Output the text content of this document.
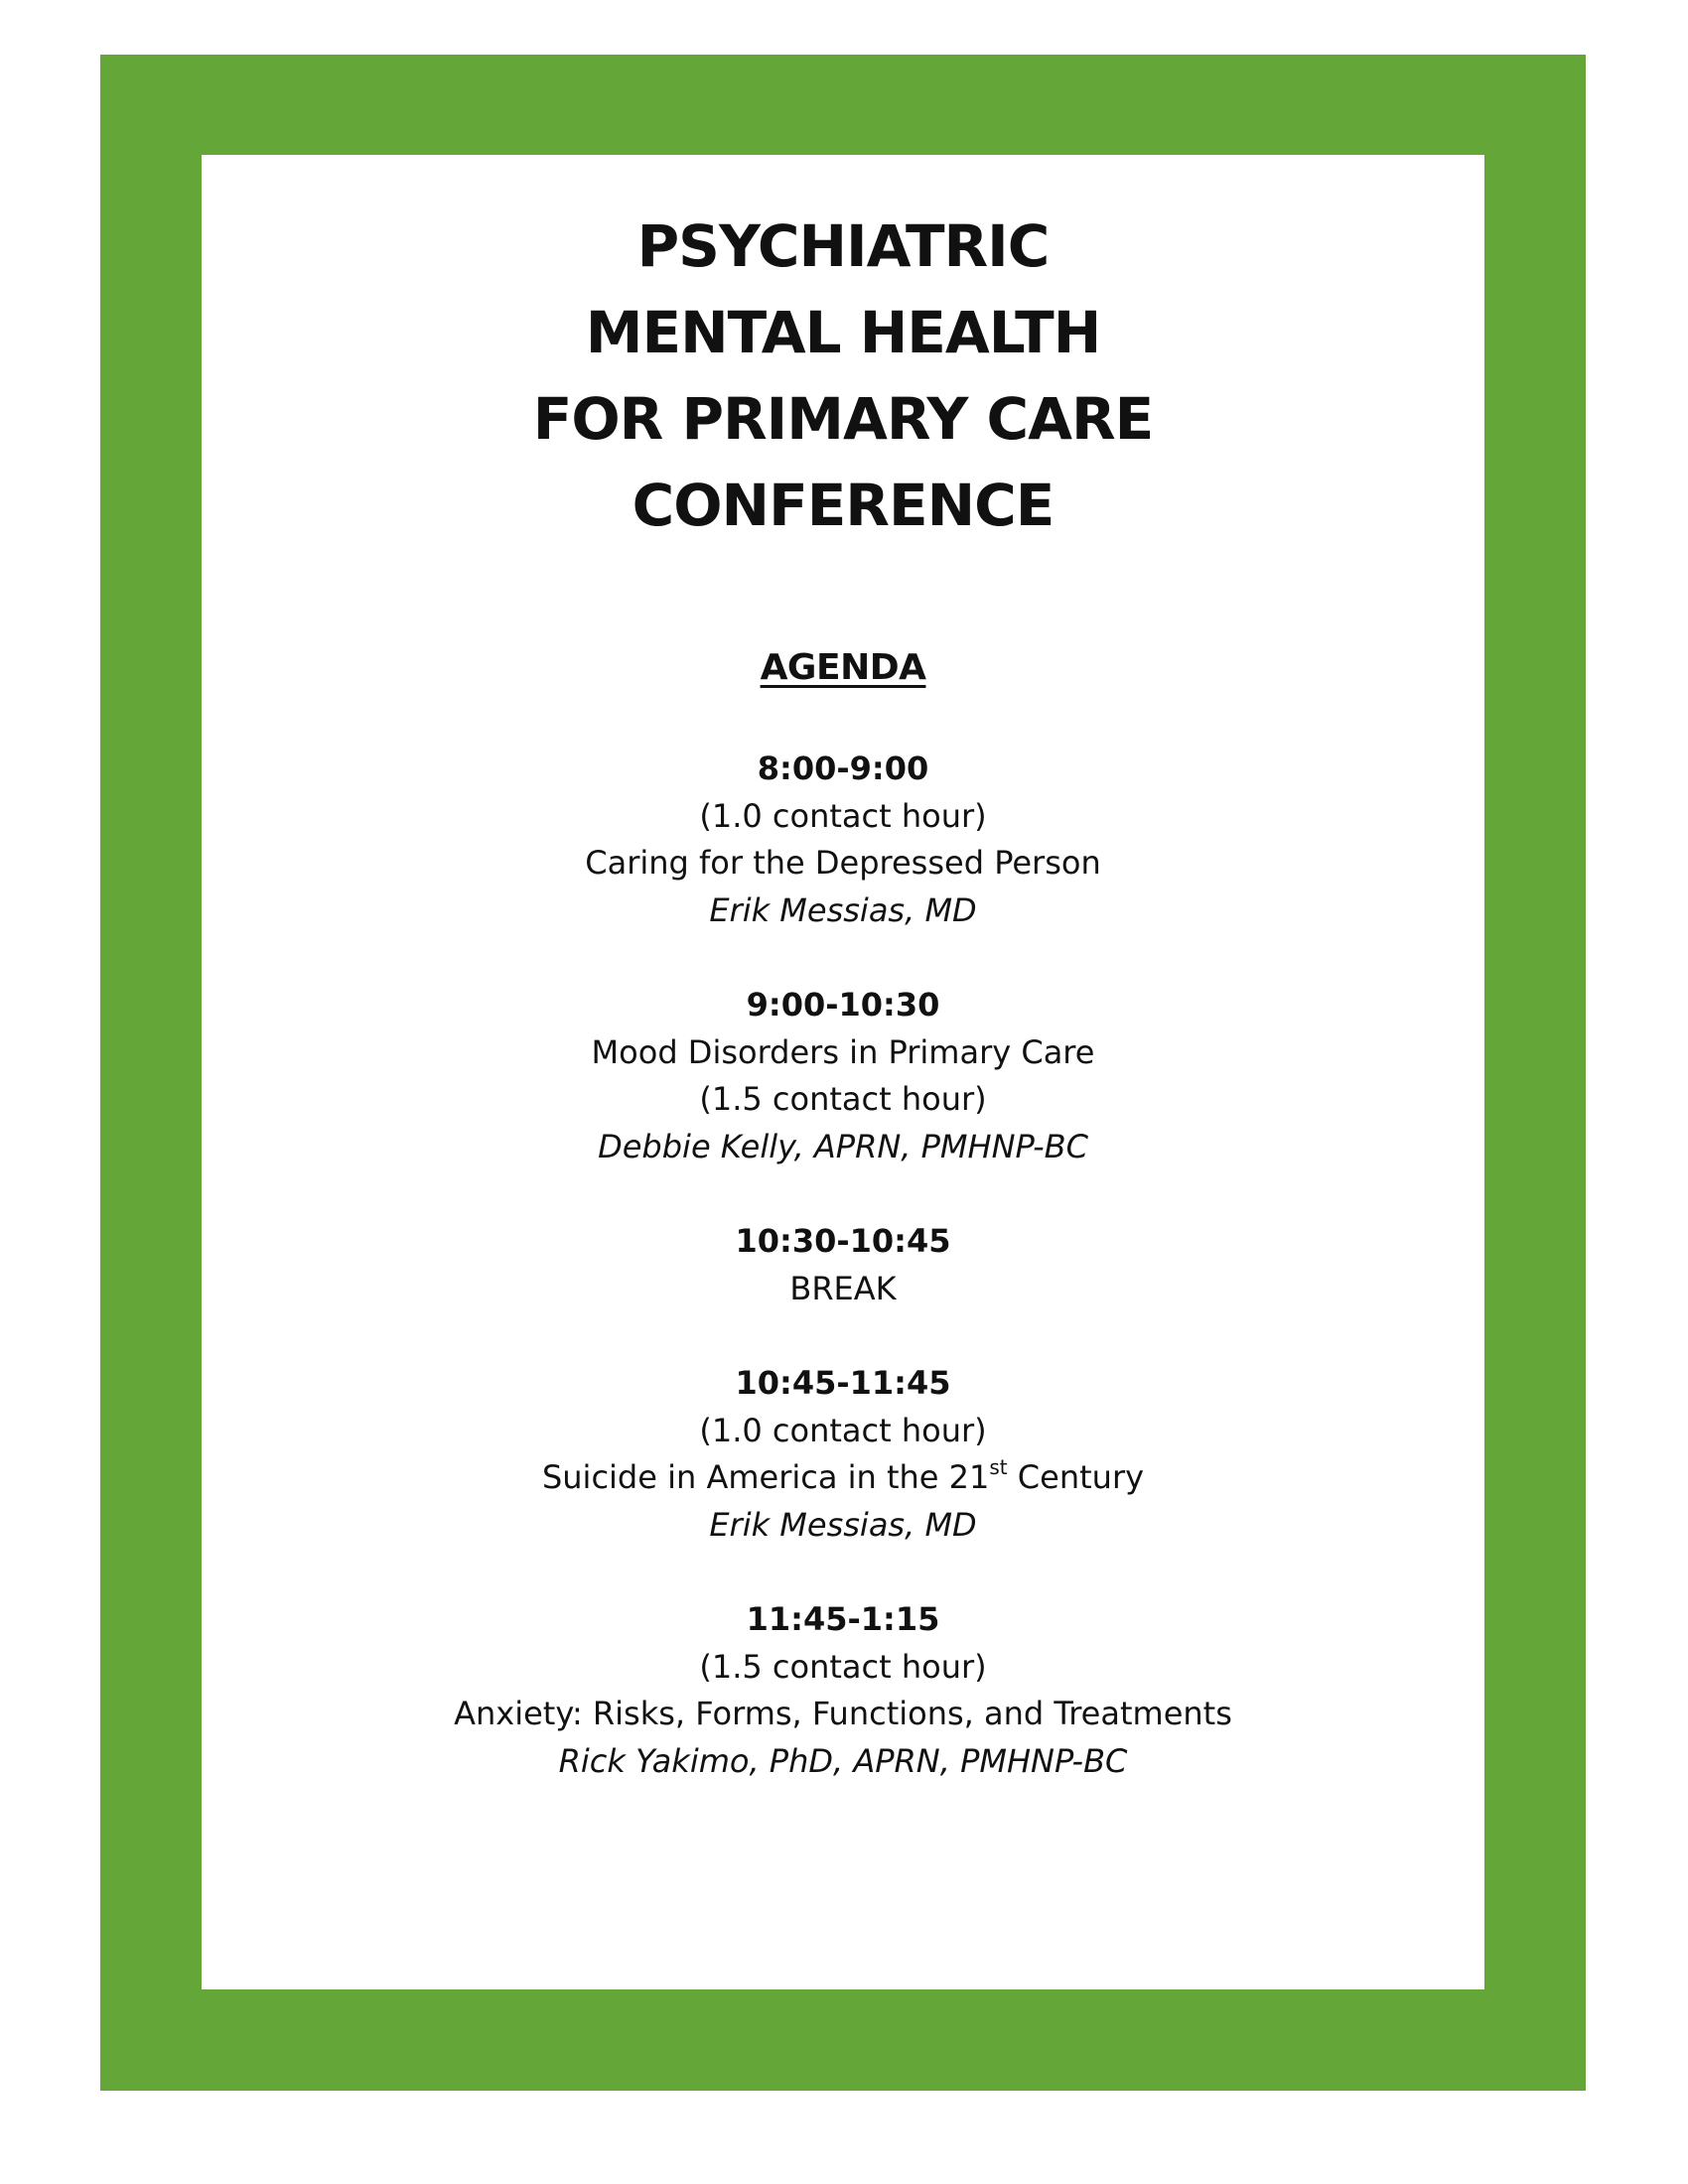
PSYCHIATRIC
MENTAL HEALTH
FOR PRIMARY CARE
CONFERENCE
AGENDA
8:00-9:00
(1.0 contact hour)
Caring for the Depressed Person
Erik Messias, MD
9:00-10:30
Mood Disorders in Primary Care
(1.5 contact hour)
Debbie Kelly, APRN, PMHNP-BC
10:30-10:45
BREAK
10:45-11:45
(1.0 contact hour)
Suicide in America in the 21st Century
Erik Messias, MD
11:45-1:15
(1.5 contact hour)
Anxiety: Risks, Forms, Functions, and Treatments
Rick Yakimo, PhD, APRN, PMHNP-BC
